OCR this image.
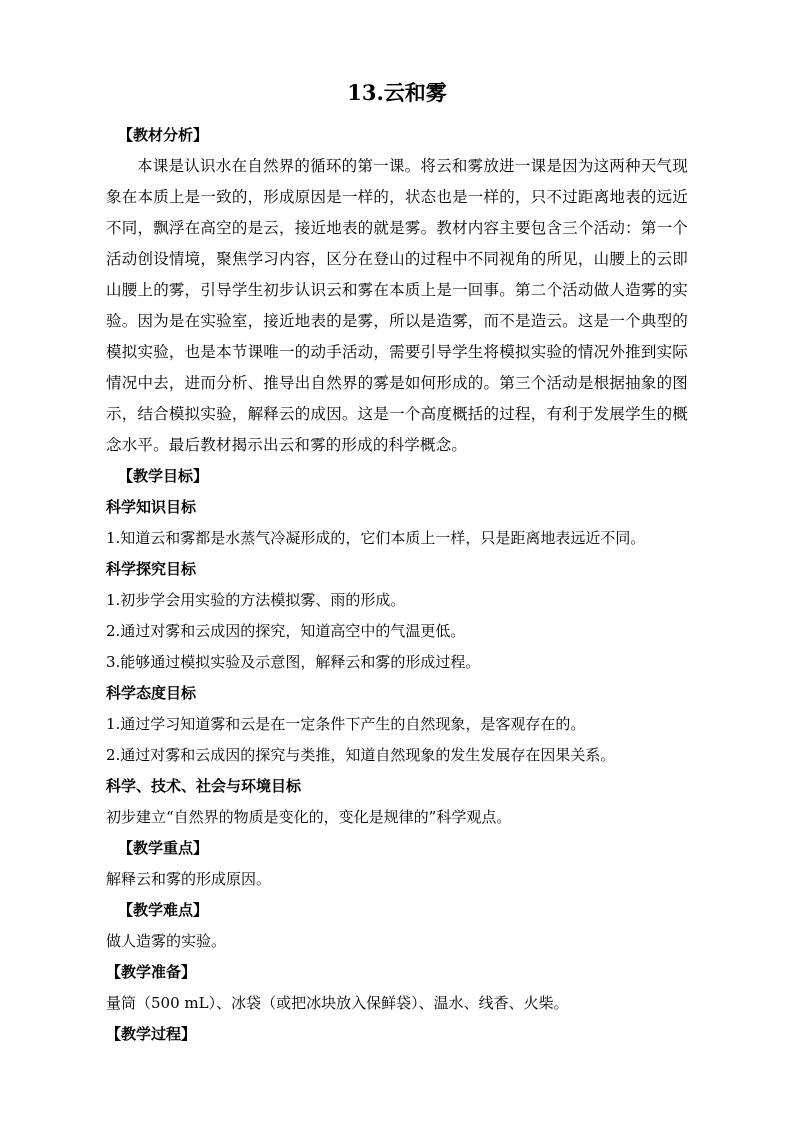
13.云和雾
【教材分析】

本课是认识水在自然界的循环的第一课。将云和雾放进一课是因为这两种天气现象在本质上是一致的，形成原因是一样的，状态也是一样的，只不过距离地表的远近不同，飘浮在高空的是云，接近地表的就是雾。教材内容主要包含三个活动：第一个活动创设情境，聚焦学习内容，区分在登山的过程中不同视角的所见，山腰上的云即山腰上的雾，引导学生初步认识云和雾在本质上是一回事。第二个活动做人造雾的实验。因为是在实验室，接近地表的是雾，所以是造雾，而不是造云。这是一个典型的模拟实验，也是本节课唯一的动手活动，需要引导学生将模拟实验的情况外推到实际情况中去，进而分析、推导出自然界的雾是如何形成的。第三个活动是根据抽象的图示，结合模拟实验，解释云的成因。这是一个高度概括的过程，有利于发展学生的概念水平。最后教材揭示出云和雾的形成的科学概念。

【教学目标】
科学知识目标
1.知道云和雾都是水蒸气冷凝形成的，它们本质上一样，只是距离地表远近不同。
科学探究目标
1.初步学会用实验的方法模拟雾、雨的形成。
2.通过对雾和云成因的探究，知道高空中的气温更低。
3.能够通过模拟实验及示意图，解释云和雾的形成过程。
科学态度目标
1.通过学习知道雾和云是在一定条件下产生的自然现象，是客观存在的。
2.通过对雾和云成因的探究与类推，知道自然现象的发生发展存在因果关系。
科学、技术、社会与环境目标
初步建立“自然界的物质是变化的，变化是规律的”科学观点。
【教学重点】
解释云和雾的形成原因。
【教学难点】
做人造雾的实验。
【教学准备】
量筒（500 mL）、冰袋（或把冰块放入保鲜袋）、温水、线香、火柴。
【教学过程】
